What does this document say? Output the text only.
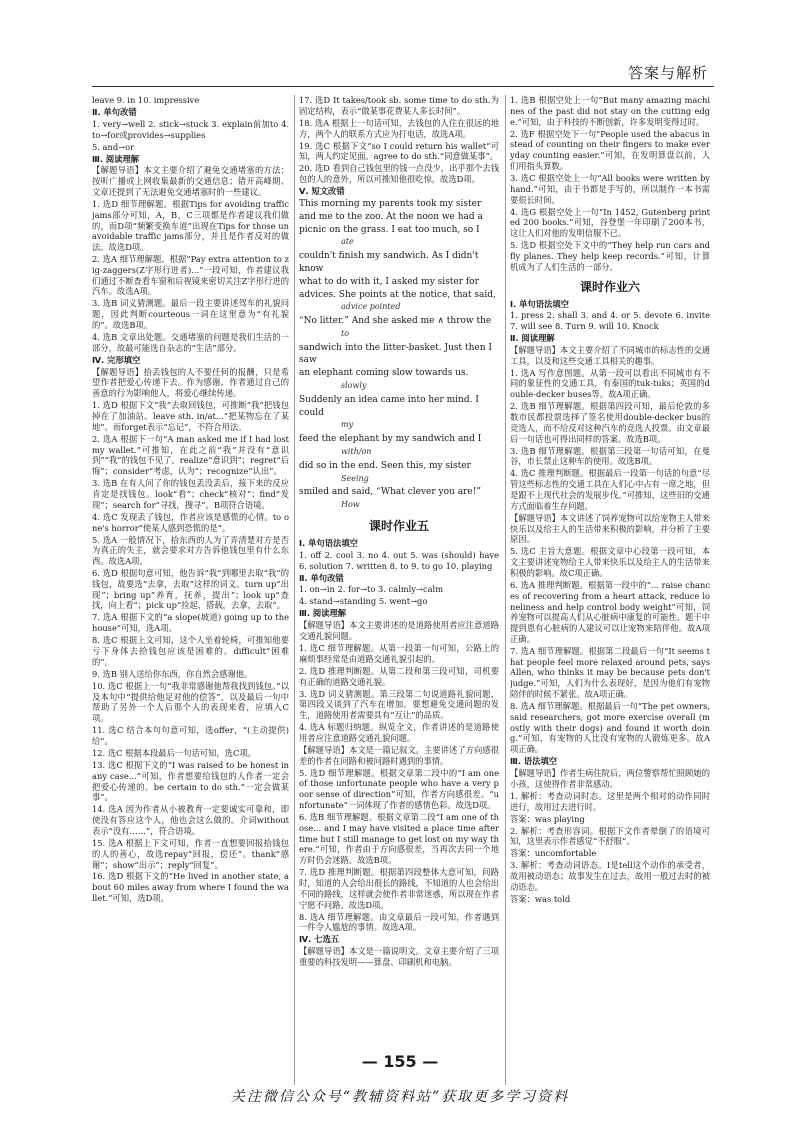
答案与解析
leave 9. in 10. impressive
Ⅱ. 单句改错
1. very→well 2. stick→stuck 3. explain前加to 4. to→for或provides→supplies
5. and→or
Ⅲ. 阅读理解
【解题导语】本文主要介绍了避免交通堵塞的方法：按听广播或上网收集最新的交通信息；错开高峰期、文章还提到了无法避免交通堵塞时的一些建议。
1. 选D 细节理解题。根据Tips for avoiding traffic jams部分可知，A，B，C三项都是作者建议我们做的，而D项“频繁变换车道”出现在Tips for those unavoidable traffic jams部分，并且是作者反对的做法。故选D项。
2. 选A 细节理解题。根据“Pay extra attention to zig-zaggers(Z字形行进者)...”一段可知，作者建议我们通过不断查看车窗和后视镜来密切关注Z字形行进的汽车。故选A项。
3. 选B 词义猜测题。最后一段主要讲述驾车的礼貌问题，因此判断courteous一词在这里意为“有礼貌的”。故选B项。
4. 选B 文章出处题。交通堵塞的问题是我们生活的一部分，故最可能选自杂志的“生活”部分。
Ⅳ. 完形填空
【解题导语】拾丢钱包的人不要任何的报酬，只是希望作者把爱心传递下去。作为感谢，作者通过自己的善意的行为影响他人，将爱心继续传递。
1. 选D 根据下文“我”去取回钱包，可推断“我”把钱包掉在了加油站。leave sth. in/at...“把某物忘在了某地”。而forget表示“忘记”，不符合用法。
2. 选A 根据下一句“A man asked me if I had lost my wallet.”可推知，在此之前“我”并没有“意识到”“我”的钱包不见了。realize“意识到”；regret“后悔”；consider“考虑，认为”；recognize“认出”。
3. 选B 在有人问了你的钱包丢没丢后，接下来的反应肯定是找钱包。look“看”；check“核对”；find“发现”；search for“寻找，搜寻”。B项符合语境。
4. 选C 发现丢了钱包，作者应该是感慌的心情。to one's horror“使某人感到恐慌的是”。
5. 选A 一般情况下，拾东西的人为了弄清楚对方是否为真正的失主，就会要求对方告诉他钱包里有什么东西。故选A项。
6. 选D 根据句意可知，他告诉“我”到哪里去取“我”的钱包，故要选“去拿，去取”这样的词义。turn up“出现”；bring up“养育，抚养，提出”；look up“查找，向上看”；pick up“捡起，搭载，去拿，去取”。
7. 选A 根据下文的“a slope(坡道) going up to the house”可知，选A项。
8. 选C 根据上文可知，这个人坐着轮椅，可推知他要亏下身体去拾钱包应该是困难的。difficult“困难的”。
9. 选B 别人送给你东西，你自然会感谢他。
10. 选C 根据上一句“我非常感谢他帮我找到钱包。”以及本句中“提供给他足对他的偿答”，以及最后一句中帮助了另外一个人后那个人的表现来看，应填入C项。
11. 选C 结合本句句意可知，选offer，“(主动提供)给”。
12. 选C 根据本段最后一句话可知，选C项。
13. 选C 根据下文的“I was raised to be honest in any case...”可知，作者想要给钱包的人作者一定会把爱心传递的。be certain to do sth.“一定会做某事”。
14. 选A 因为作者从小被教育一定要诚实可靠和，即使没有答应这个人，他也会这么做的。介词without表示“没有……”，符合语境。
15. 选A 根据上下文可知，作者一直想要回报拾钱包的人的善心，故选repay“回报，偿还”。thank“感谢”；show“出示”；reply“回复”。
16. 选D 根据下文的“He lived in another state, about 60 miles away from where I found the wallet.”可知，选D项。
17. 选D It takes/took sb. some time to do sth.为固定结构，表示“做某事花费某人多长时间”。
18. 选A 根据上一句话可知，去钱包的人住在很远的地方，两个人的联系方式应为打电话，故选A项。
19. 选C 根据下文“so I could return his wallet”可知，两人约定见面。agree to do sth.“同意做某事”。
20. 选D 看到自己钱包里的钱一点没少，出乎那个去钱包的人的意外，所以可推知他很吃惊，故选D项。
Ⅴ. 短文改错
This morning my parents took my sister
and me to the zoo. At the noon we had a
picnic on the grass. I eat too much, so I
ate
couldn't finish my sandwich. As I didn't know
what to do with it, I asked my sister for
advices. She points at the notice, that said,
advice pointed
“No litter.” And she asked me ∧ throw the
to
sandwich into the litter-basket. Just then I saw
an elephant coming slow towards us.
slowly
Suddenly an idea came into her mind. I could
my
feed the elephant by my sandwich and I
with/on
did so in the end. Seen this, my sister
Seeing
smiled and said, “What clever you are!”
How
课时作业五
Ⅰ. 单句语法填空
1. off 2. cool 3. no 4. out 5. was (should) have 6. solution 7. written 8. to 9. to go 10. playing
Ⅱ. 单句改错
1. on→in 2. for→to 3. calmly→calm
4. stand→standing 5. went→go
Ⅲ. 阅读理解
【解题导语】本文主要讲述的是道路使用者应注意道路交通礼貌问题。
1. 选C 细节理解题。从第一段第一句可知，公路上的麻烦事经常是由道路交通礼貌引起的。
2. 选D 推理判断题。从第二段和第三段可知，司机要有正确的道路交通礼貌。
3. 选D 词义猜测题。第三段第二句说道路礼貌问题，第四段又谈到了汽车在增加。要想避免交通问题的发生，道路使用者需要具有“互让”的品质。
4. 选A 标题归纳题。纵览全文，作者讲述的是道路使用者应注意道路交通礼貌问题。
【解题导语】本文是一篇记叙文。主要讲述了方向感很差的作者在问路和被问路时遇到的事情。
5. 选D 细节理解题。根据文章第二段中的“I am one of those unfortunate people who have a very poor sense of direction”可知，作者方向感很差。“unfortunate”一词体现了作者的感情色彩。故选D项。
6. 选B 细节理解题。根据文章第二段“I am one of those... and I may have visited a place time after time but I still manage to get lost on my way there.”可知，作者由于方向感很差，当再次去同一个地方时仍会迷路。故选B项。
7. 选D 推理判断题。根据第四段整体大意可知，问路时，知道的人会给出很长的路线，不知道的人也会给出不同的路线，这样就会使作者非常迷惑，所以现在作者宁愿不问路。故选D项。
8. 选A 细节理解题。由文章最后一段可知，作者遇到一件令人尴尬的事情。故选A项。
Ⅳ. 七选五
【解题导语】本文是一篇说明文。文章主要介绍了三项重要的科技发明——算盘、印刷机和电脑。
1. 选B 根据空处上一句“But many amazing machines of the past did not stay on the cutting edge.”可知，由于科技的不断创新，许多发明变得过时。
2. 选F 根据空处下一句“People used the abacus instead of counting on their fingers to make everyday counting easier.”可知，在发明算盘以前，人们用指头算数。
3. 选C 根据空处上一句“All books were written by hand.”可知，由于书都是手写的，所以制作一本书需要很长时间。
4. 选G 根据空处上一句“In 1452, Gutenberg printed 200 books.”可知，谷登堡一年印刷了200本书，这让人们对他的发明信服不已。
5. 选D 根据空处下文中的“They help run cars and fly planes. They help keep records.”可知，计算机成为了人们生活的一部分。
课时作业六
Ⅰ. 单句语法填空
1. press 2. shall 3. and 4. or 5. devote 6. invite 7. will see 8. Turn 9. will 10. Knock
Ⅱ. 阅读理解
【解题导语】本文主要介绍了不同城市的标志性的交通工具，以及和这些交通工具相关的趣事。
1. 选A 写作意图题。从第一段可以看出不同城市有不同的象征性的交通工具，有泰国的tuk-tuks；英国的double-decker buses等。故A项正确。
2. 选B 细节理解题。根据第四段可知，最后伦敦的多数市民都投票选择了签名使用double-decker bus的竞选人，而不给反对这种汽车的竞选人投票。由文章最后一句话也可得出同样的答案。故选B项。
3. 选B 细节理解题。根据第三段第一句话可知，在曼谷，市长禁止这种车的使用。故选B项。
4. 选C 推理判断题。根据最后一段第一句话的句意“尽管这些标志性的交通工具在人们心中占有一席之地，但是跟不上现代社会的发展步伐。”可推知，这些旧的交通方式面临着生存问题。
【解题导语】本文讲述了饲养宠物可以给宠物主人带来快乐以及给主人的生活带来积极的影响，并分析了主要原因。
5. 选C 主旨大意题。根据文章中心段第一段可知，本文主要讲述宠物给主人带来快乐以及给主人的生活带来积极的影响。故C项正确。
6. 选A 推理判断题。根据第一段中的“... raise chances of recovering from a heart attack, reduce loneliness and help control body weight”可知，饲养宠物可以提高人们从心脏病中康复的可能性。题干中提到患有心脏病的人建议可以让宠物来陪伴他。故A项正确。
7. 选A 细节理解题。根据第二段最后一句“It seems that people feel more relaxed around pets, says Allen, who thinks it may be because pets don't judge.”可知，人们为什么表现好，是因为他们有宠物陪伴的时候不紧张。故A项正确。
8. 选A 细节理解题。根据最后一句“The pet owners, said researchers, got more exercise overall (mostly with their dogs) and found it worth doing.”可知，有宠物的人比没有宠物的人锻炼更多。故A项正确。
Ⅲ. 语法填空
【解题导语】作者生病住院后，两位警察帮忙照顾她的小孩，这使得作者非常感动。
1. 解析：考查动词时态。这里是两个相对的动作同时进行，故用过去进行时。
答案：was playing
2. 解析：考查形容词。根据下文作者晕倒了的语境可知，这里表示作者感觉“不舒服”。
答案：uncomfortable
3. 解析：考查动词语态。I是tell这个动作的承受者，故用被动语态；故事发生在过去，故用一般过去时的被动语态。
答案：was told
— 155 —
关注微信公众号“教辅资料站”获取更多学习资料
